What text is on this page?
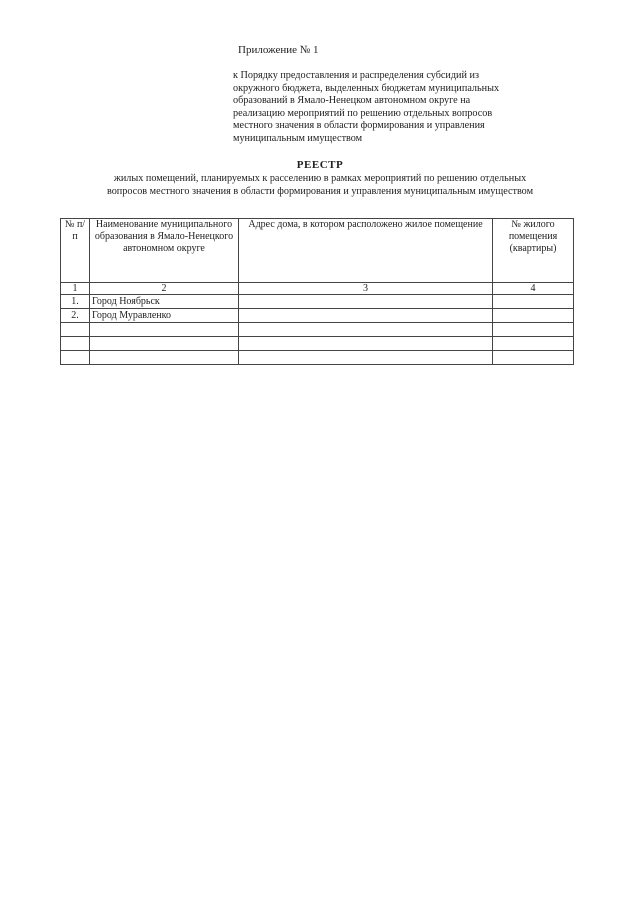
Приложение № 1
к Порядку предоставления и распределения субсидий из
окружного бюджета, выделенных бюджетам муниципальных
образований в Ямало-Ненецком автономном округе на
реализацию мероприятий по решению отдельных вопросов
местного значения в области формирования и управления
муниципальным имуществом
РЕЕСТР
жилых помещений, планируемых к расселению в рамках мероприятий по решению отдельных
вопросов местного значения в области формирования и управления муниципальным имуществом
№ п/п	Наименование муниципального образования в Ямало-Ненецкого автономном округе	Адрес дома, в котором расположено жилое помещение	№ жилого помещения (квартиры)
1	2	3	4
1.	Город Ноябрьск		
2.	Город Муравленко		
